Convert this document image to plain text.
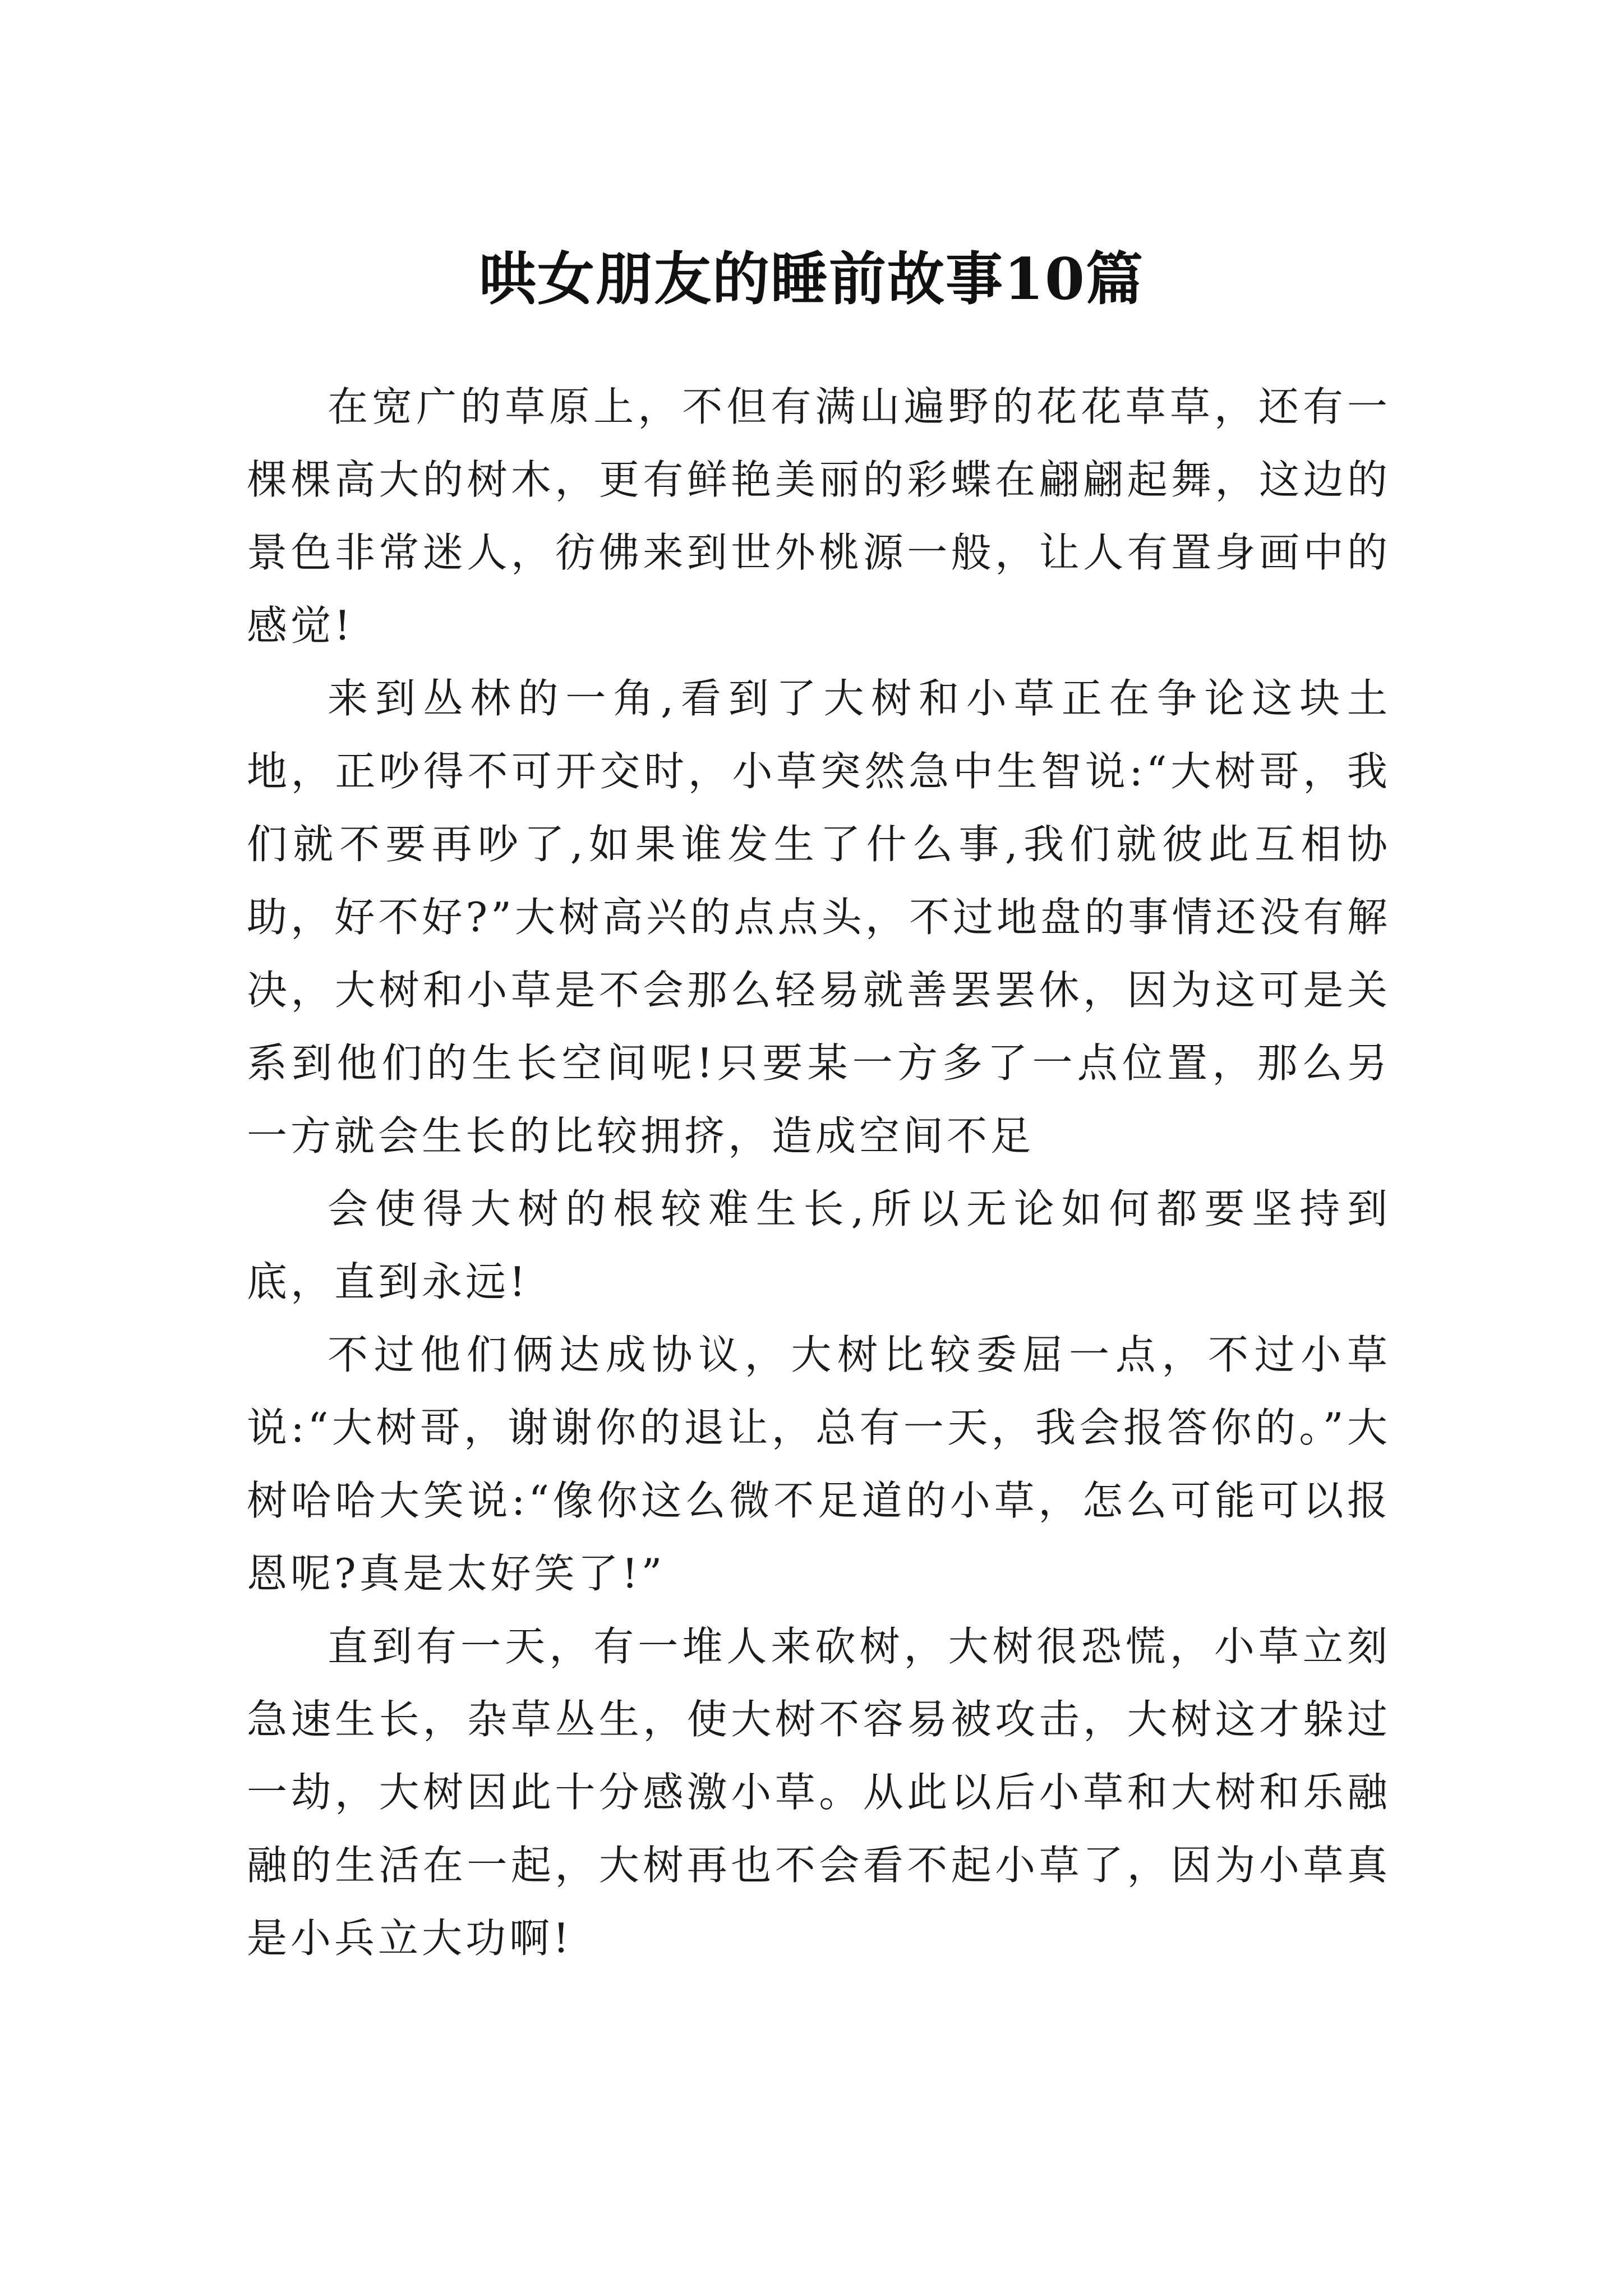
哄女朋友的睡前故事10篇

在宽广的草原上，不但有满山遍野的花花草草，还有一棵棵高大的树木，更有鲜艳美丽的彩蝶在翩翩起舞，这边的景色非常迷人，彷佛来到世外桃源一般，让人有置身画中的感觉!

来到丛林的一角,看到了大树和小草正在争论这块土地，正吵得不可开交时，小草突然急中生智说:“大树哥，我们就不要再吵了,如果谁发生了什么事,我们就彼此互相协助，好不好?”大树高兴的点点头，不过地盘的事情还没有解决，大树和小草是不会那么轻易就善罢罢休，因为这可是关系到他们的生长空间呢!只要某一方多了一点位置，那么另一方就会生长的比较拥挤，造成空间不足

会使得大树的根较难生长,所以无论如何都要坚持到底，直到永远!

不过他们俩达成协议，大树比较委屈一点，不过小草说:“大树哥，谢谢你的退让，总有一天，我会报答你的。”大树哈哈大笑说:“像你这么微不足道的小草，怎么可能可以报恩呢?真是太好笑了!”

直到有一天，有一堆人来砍树，大树很恐慌，小草立刻急速生长，杂草丛生，使大树不容易被攻击，大树这才躲过一劫，大树因此十分感激小草。从此以后小草和大树和乐融融的生活在一起，大树再也不会看不起小草了，因为小草真是小兵立大功啊!
